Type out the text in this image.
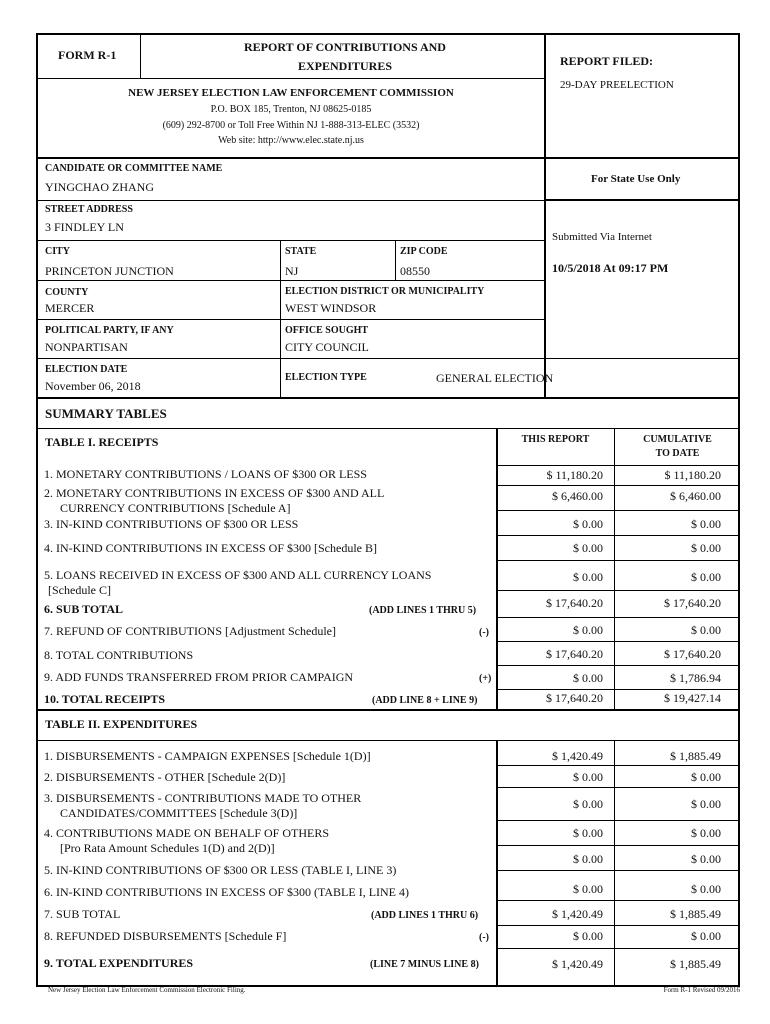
FORM R-1
REPORT OF CONTRIBUTIONS AND
EXPENDITURES	REPORT FILED:
29-DAY PREELECTION
NEW JERSEY ELECTION LAW ENFORCEMENT COMMISSION
P.O. BOX 185, Trenton, NJ 08625-0185
(609) 292-8700 or Toll Free Within NJ 1-888-313-ELEC (3532)
Web site: http://www.elec.state.nj.us
CANDIDATE OR COMMITTEE NAME
YINGCHAO ZHANG
For State Use Only
STREET ADDRESS
3 FINDLEY LN
Submitted Via Internet
10/5/2018 At 09:17 PM
CITY
PRINCETON JUNCTION
STATE
NJ
ZIP CODE
08550
COUNTY
MERCER
ELECTION DISTRICT OR MUNICIPALITY
WEST WINDSOR
POLITICAL PARTY, IF ANY
NONPARTISAN
OFFICE SOUGHT
CITY COUNCIL
ELECTION DATE
November 06, 2018
ELECTION TYPE	GENERAL ELECTION
SUMMARY TABLES
TABLE I. RECEIPTS	THIS REPORT	CUMULATIVE
TO DATE
1. MONETARY CONTRIBUTIONS / LOANS OF $300 OR LESS	$ 11,180.20	$ 11,180.20
2. MONETARY CONTRIBUTIONS IN EXCESS OF $300 AND ALL
CURRENCY CONTRIBUTIONS [Schedule A]
$ 6,460.00	$ 6,460.00
3. IN-KIND CONTRIBUTIONS OF $300 OR LESS	$ 0.00	$ 0.00
4. IN-KIND CONTRIBUTIONS IN EXCESS OF $300 [Schedule B]	$ 0.00	$ 0.00
5. LOANS RECEIVED IN EXCESS OF $300 AND ALL CURRENCY LOANS
[Schedule C]
$ 0.00	$ 0.00
6. SUB TOTAL	(ADD LINES 1 THRU 5)
$ 17,640.20	$ 17,640.20
7. REFUND OF CONTRIBUTIONS [Adjustment Schedule]	(-)	$ 0.00	$ 0.00
8. TOTAL CONTRIBUTIONS	$ 17,640.20	$ 17,640.20
9. ADD FUNDS TRANSFERRED FROM PRIOR CAMPAIGN	(+)	$ 0.00	$ 1,786.94
10. TOTAL RECEIPTS	(ADD LINE 8 + LINE 9)	$ 17,640.20	$ 19,427.14
TABLE II. EXPENDITURES
1. DISBURSEMENTS - CAMPAIGN EXPENSES [Schedule 1(D)]	$ 1,420.49	$ 1,885.49
2. DISBURSEMENTS - OTHER [Schedule 2(D)]	$ 0.00	$ 0.00
3. DISBURSEMENTS - CONTRIBUTIONS MADE TO OTHER
CANDIDATES/COMMITTEES [Schedule 3(D)]
$ 0.00	$ 0.00
4. CONTRIBUTIONS MADE ON BEHALF OF OTHERS
[Pro Rata Amount Schedules 1(D) and 2(D)]
$ 0.00	$ 0.00
5. IN-KIND CONTRIBUTIONS OF $300 OR LESS (TABLE I, LINE 3)
$ 0.00	$ 0.00
6. IN-KIND CONTRIBUTIONS IN EXCESS OF $300 (TABLE I, LINE 4)	$ 0.00	$ 0.00
7. SUB TOTAL	(ADD LINES 1 THRU 6)	$ 1,420.49	$ 1,885.49
8. REFUNDED DISBURSEMENTS [Schedule F]	(-)	$ 0.00	$ 0.00
9. TOTAL EXPENDITURES	(LINE 7 MINUS LINE 8)	$ 1,420.49	$ 1,885.49
New Jersey Election Law Enforcement Commission Electronic Filing.	Form R-1 Revised 09/2016
